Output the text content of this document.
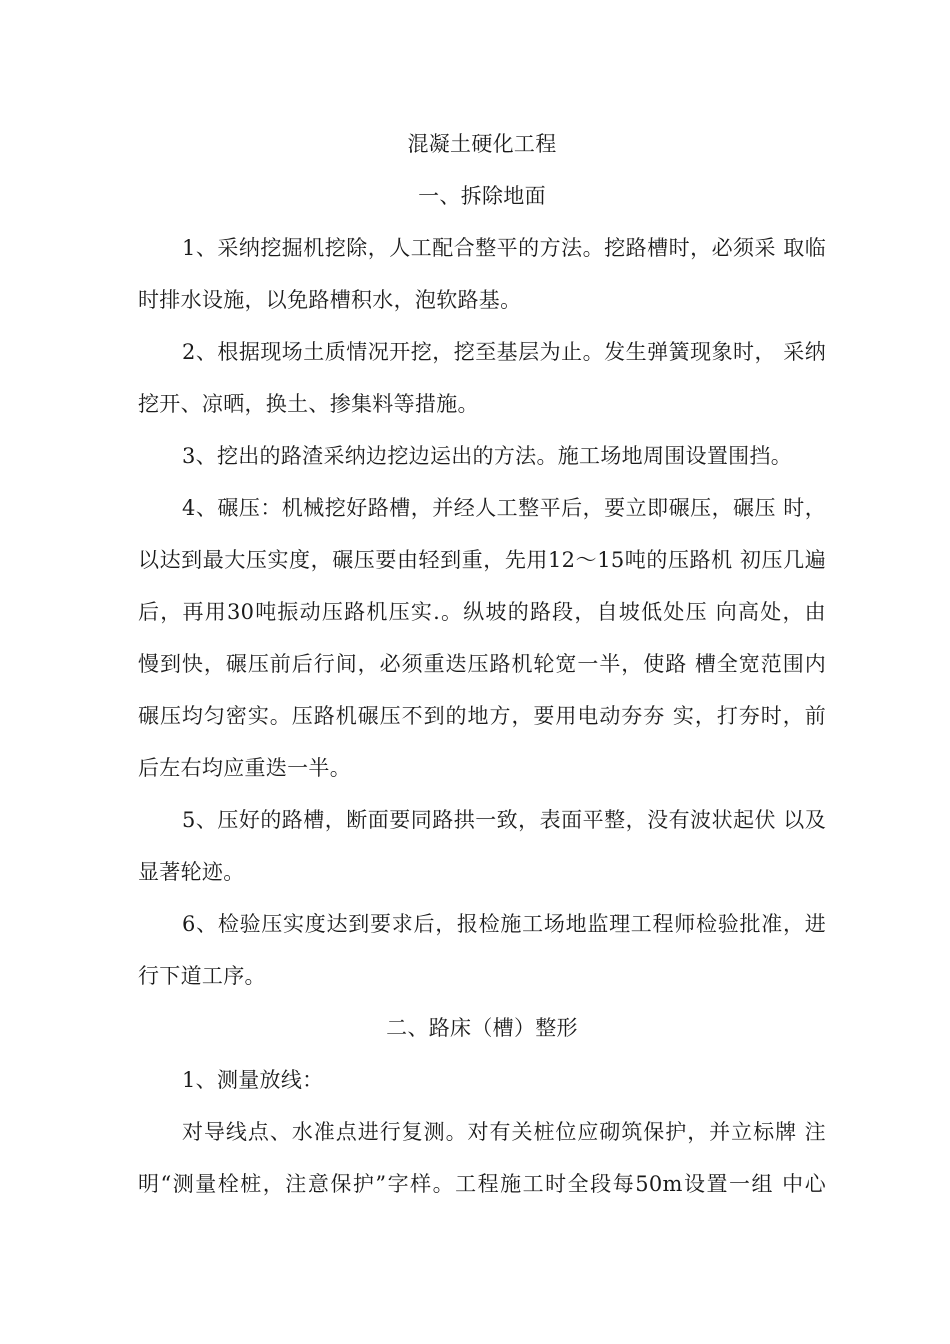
混凝土硬化工程
一、拆除地面
1、采纳挖掘机挖除，人工配合整平的方法。挖路槽时，必须采 取临
时排水设施，以免路槽积水，泡软路基。
2、根据现场土质情况开挖，挖至基层为止。发生弹簧现象时， 采纳
挖开、凉晒，换土、掺集料等措施。
3、挖出的路渣采纳边挖边运出的方法。施工场地周围设置围挡。
4、碾压：机械挖好路槽，并经人工整平后，要立即碾压，碾压 时，
以达到最大压实度，碾压要由轻到重，先用12〜15吨的压路机 初压几遍
后，再用30吨振动压路机压实.。纵坡的路段，自坡低处压 向高处，由
慢到快，碾压前后行间，必须重迭压路机轮宽一半，使路 槽全宽范围内
碾压均匀密实。压路机碾压不到的地方，要用电动夯夯 实，打夯时，前
后左右均应重迭一半。
5、压好的路槽，断面要同路拱一致，表面平整，没有波状起伏 以及
显著轮迹。
6、检验压实度达到要求后，报检施工场地监理工程师检验批准，进
行下道工序。
二、路床（槽）整形
1、测量放线：
对导线点、水准点进行复测。对有关桩位应砌筑保护，并立标牌 注
明“测量栓桩，注意保护”字样。工程施工时全段每50m设置一组 中心
